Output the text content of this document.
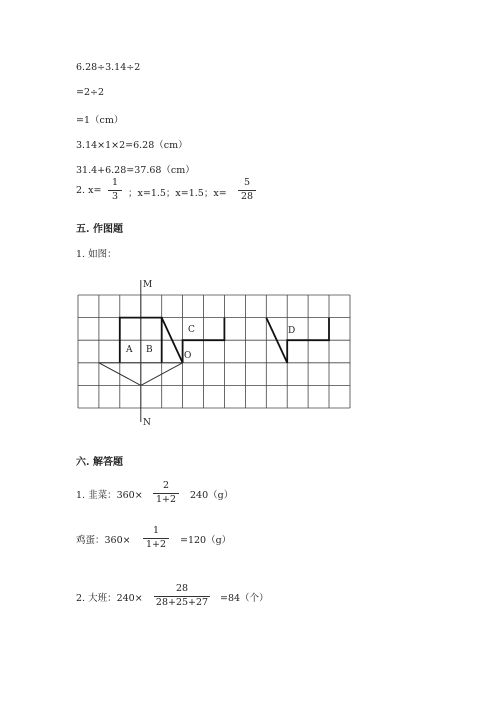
6.28÷3.14÷2
=2÷2
=1（cm）
3.14×1×2=6.28（cm）
31.4+6.28=37.68（cm）
2. $x= \frac{1}{3}$ ；x=1.5；x=1.5；$x= \frac{5}{28}$
五. 作图题
1. 如图：
M
N
A B
C	D
O
六. 解答题
1. 韭菜：$360\times \frac{2}{1+2} 240(g)$
鸡蛋：$360\times \frac{1}{1+2} =120(g)$
2. 大班：$240\times \frac{28}{28+25+27} =84$（个）
